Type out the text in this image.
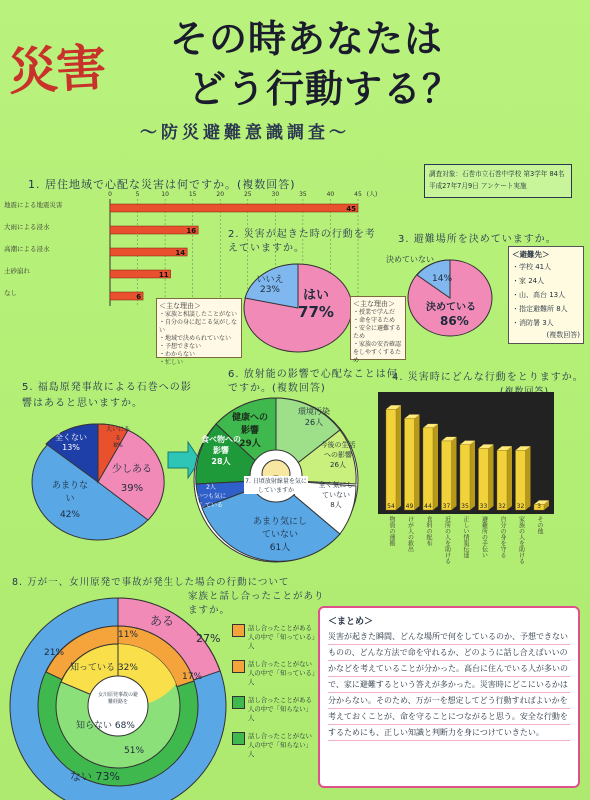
災害 その時あなたは
どう行動する？
～防災避難意識調査～
調査対象：石巻市立石巻中学校 第3学年 84名
平成27年7月9日 アンケート実施
1. 居住地域で心配な災害は何ですか。(複数回答)
0	5	10	15	20	25	30	35	40	45 (人)
45
16
14
11
6
地震による地震災害
大雨による浸水
高潮による浸水
土砂崩れ
なし
2. 災害が起きた時の行動を考えていますか。
いいえ
23%	はい
77%
＜主な理由＞
・家族と相談したことがない
・自分の身に起こる気がしない
・地域で決められていない
・予想できない
・わからない
・忙しい
＜主な理由＞
・授業で学んだ
・命を守るため
・安全に避難するため
・家族の安否確認をしやすくするため
3. 避難場所を決めていますか。
決めていない
14%
決めている
86%
＜避難先＞
・学校 41人
・家 24人
・山、高台 13人
・指定避難所 8人
・消防署 3人
(複数回答)
5. 福島原発事故による石巻への影響はあると思いますか。
大いにある
8%
少しある
39%
あまりない
42%
全くない
13%
6. 放射能の影響で心配なことは何ですか。(複数回答)
健康への影響
29人
環境汚染
26人
今後の生活への影響
26人
食べ物への影響
28人
2人
いつも気にしている
7. 日頃放射線量を気にしていますか
全く気にしていない
8人
あまり気にしていない
61人
4. 災害時にどんな行動をとりますか。
54 49 44 37 35 33 32 32 3
物資の運搬	けが人の救出	食料の配布	近所の人を助ける	正しい情報伝達	避難所の手伝い	自分の身を守る	家族の人を助ける	その他
8. 万が一、女川原発で事故が発生した場合の行動について
家族と話し合ったことがありますか。
ある
27%
ない 73%
知っている 32%
知らない 68%
女川原発事故の避難経路を
11%
21%
17%
51%
話し合ったことがある人の中で「知っている」人
話し合ったことがない人の中で「知っている」人
話し合ったことがある人の中で「知らない」人
話し合ったことがない人の中で「知らない」人
＜まとめ＞
災害が起きた瞬間、どんな場所で何をしているのか、予想できないものの、どんな方法で命を守れるか、どのように話し合えばいいのかなどを考えていることが分かった。高台に住んでいる人が多いので、家に避難するという答えが多かった。災害時にどこにいるかは分からない。そのため、万が一を想定してどう行動すればよいかを考えておくことが、命を守ることにつながると思う。安全な行動をするためにも、正しい知識と判断力を身につけていきたい。
